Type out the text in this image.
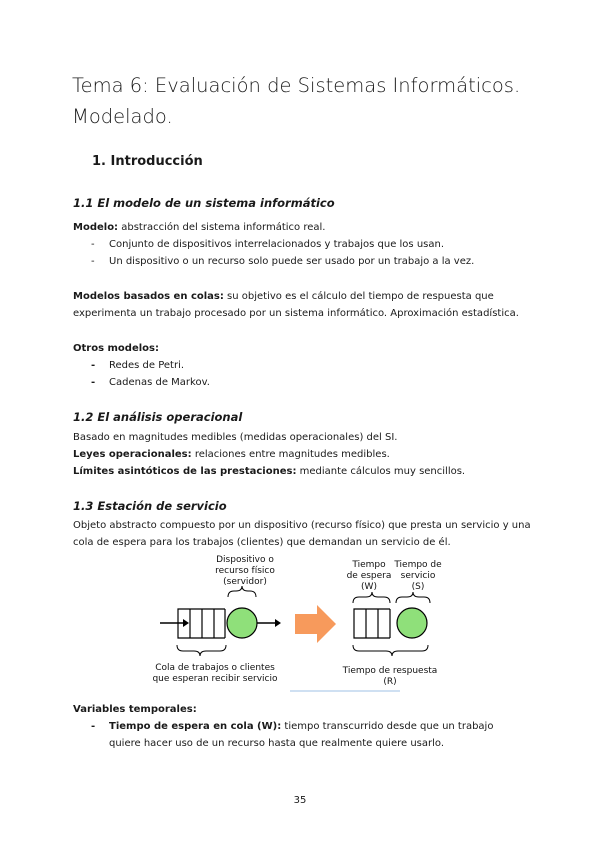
Tema 6: Evaluación de Sistemas Informáticos. Modelado.
1. Introducción
1.1 El modelo de un sistema informático
Modelo: abstracción del sistema informático real.
- Conjunto de dispositivos interrelacionados y trabajos que los usan.
- Un dispositivo o un recurso solo puede ser usado por un trabajo a la vez.
Modelos basados en colas: su objetivo es el cálculo del tiempo de respuesta que experimenta un trabajo procesado por un sistema informático. Aproximación estadística.
Otros modelos:
- Redes de Petri.
- Cadenas de Markov.
1.2 El análisis operacional
Basado en magnitudes medibles (medidas operacionales) del SI.
Leyes operacionales: relaciones entre magnitudes medibles.
Límites asintóticos de las prestaciones: mediante cálculos muy sencillos.
1.3 Estación de servicio
Objeto abstracto compuesto por un dispositivo (recurso físico) que presta un servicio y una cola de espera para los trabajos (clientes) que demandan un servicio de él.
Dispositivo o
recurso físico
(servidor)
Cola de trabajos o clientes
que esperan recibir servicio
Tiempo
de espera
(W)
Tiempo de
servicio
(S)
Tiempo de respuesta
(R)
Variables temporales:
-	Tiempo de espera en cola (W): tiempo transcurrido desde que un trabajo quiere hacer uso de un recurso hasta que realmente quiere usarlo.
35
